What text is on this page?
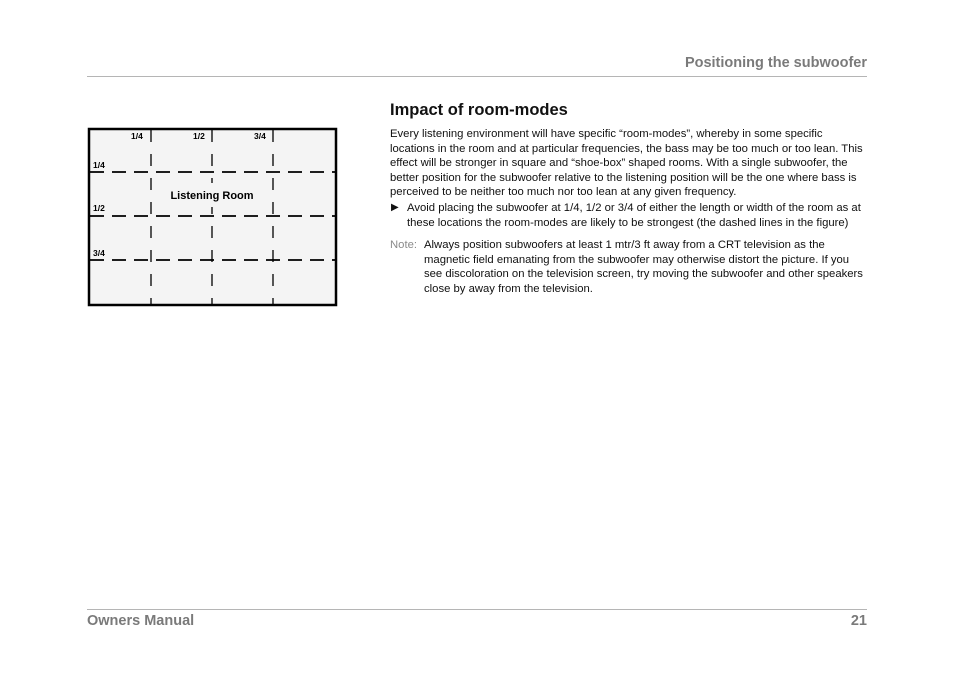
Positioning the subwoofer
1/4	1/2	3/4
1/4
1/2
3/4
Listening Room
Impact of room-modes

Every listening environment will have specific “room-modes”, whereby in some specific locations in the room and at particular frequencies, the bass may be too much or too lean. This effect will be stronger in square and “shoe-box” shaped rooms. With a single subwoofer, the better position for the subwoofer relative to the listening position will be the one where bass is perceived to be neither too much nor too lean at any given frequency.

▶ Avoid placing the subwoofer at 1/4, 1/2 or 3/4 of either the length or width of the room as at these locations the room-modes are likely to be strongest (the dashed lines in the figure)
Note: Always position subwoofers at least 1 mtr/3 ft away from a CRT television as the magnetic field emanating from the subwoofer may otherwise distort the picture. If you see discoloration on the television screen, try moving the subwoofer and other speakers close by away from the television.
Owners Manual	21
